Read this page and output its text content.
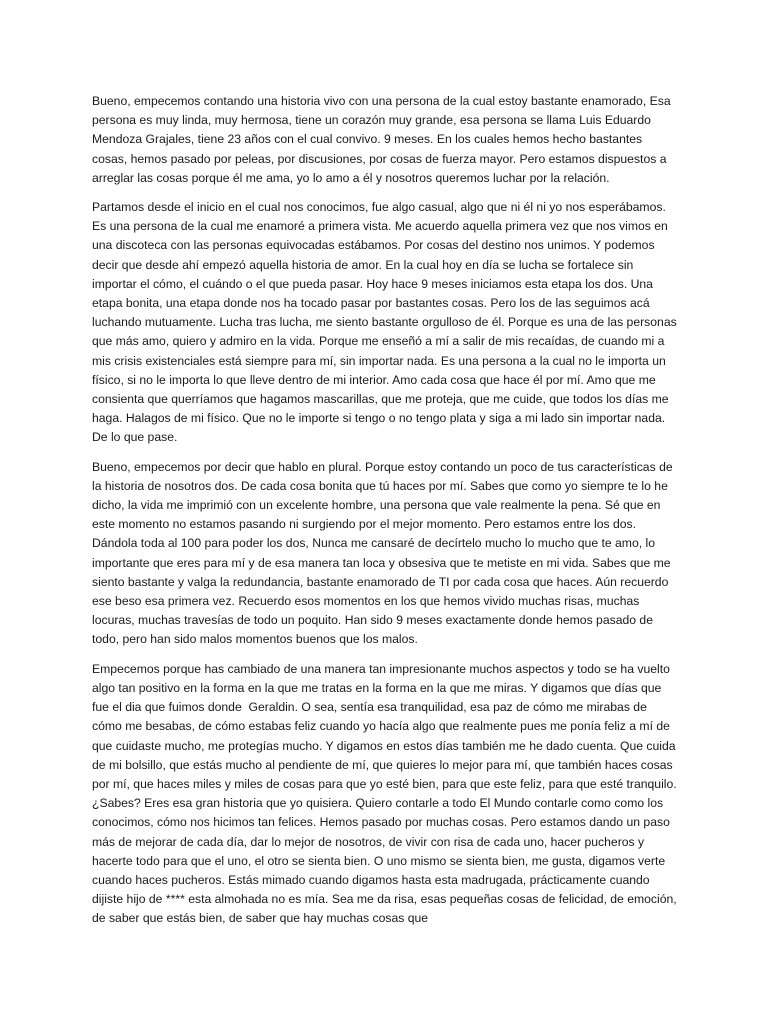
Bueno, empecemos contando una historia vivo con una persona de la cual estoy bastante enamorado, Esa persona es muy linda, muy hermosa, tiene un corazón muy grande, esa persona se llama Luis Eduardo Mendoza Grajales, tiene 23 años con el cual convivo. 9 meses. En los cuales hemos hecho bastantes cosas, hemos pasado por peleas, por discusiones, por cosas de fuerza mayor. Pero estamos dispuestos a arreglar las cosas porque él me ama, yo lo amo a él y nosotros queremos luchar por la relación.

Partamos desde el inicio en el cual nos conocimos, fue algo casual, algo que ni él ni yo nos esperábamos. Es una persona de la cual me enamoré a primera vista. Me acuerdo aquella primera vez que nos vimos en una discoteca con las personas equivocadas estábamos. Por cosas del destino nos unimos. Y podemos decir que desde ahí empezó aquella historia de amor. En la cual hoy en día se lucha se fortalece sin importar el cómo, el cuándo o el que pueda pasar. Hoy hace 9 meses iniciamos esta etapa los dos. Una etapa bonita, una etapa donde nos ha tocado pasar por bastantes cosas. Pero los de las seguimos acá luchando mutuamente. Lucha tras lucha, me siento bastante orgulloso de él. Porque es una de las personas que más amo, quiero y admiro en la vida. Porque me enseñó a mí a salir de mis recaídas, de cuando mi a mis crisis existenciales está siempre para mí, sin importar nada. Es una persona a la cual no le importa un físico, si no le importa lo que lleve dentro de mi interior. Amo cada cosa que hace él por mí. Amo que me consienta que querríamos que hagamos mascarillas, que me proteja, que me cuide, que todos los días me haga. Halagos de mi físico. Que no le importe si tengo o no tengo plata y siga a mi lado sin importar nada. De lo que pase.

Bueno, empecemos por decir que hablo en plural. Porque estoy contando un poco de tus características de la historia de nosotros dos. De cada cosa bonita que tú haces por mí. Sabes que como yo siempre te lo he dicho, la vida me imprimió con un excelente hombre, una persona que vale realmente la pena. Sé que en este momento no estamos pasando ni surgiendo por el mejor momento. Pero estamos entre los dos. Dándola toda al 100 para poder los dos, Nunca me cansaré de decírtelo mucho lo mucho que te amo, lo importante que eres para mí y de esa manera tan loca y obsesiva que te metiste en mi vida. Sabes que me siento bastante y valga la redundancia, bastante enamorado de TI por cada cosa que haces. Aún recuerdo ese beso esa primera vez. Recuerdo esos momentos en los que hemos vivido muchas risas, muchas locuras, muchas travesías de todo un poquito. Han sido 9 meses exactamente donde hemos pasado de todo, pero han sido malos momentos buenos que los malos.

Empecemos porque has cambiado de una manera tan impresionante muchos aspectos y todo se ha vuelto algo tan positivo en la forma en la que me tratas en la forma en la que me miras. Y digamos que días que fue el dia que fuimos donde  Geraldin. O sea, sentía esa tranquilidad, esa paz de cómo me mirabas de cómo me besabas, de cómo estabas feliz cuando yo hacía algo que realmente pues me ponía feliz a mí de que cuidaste mucho, me protegías mucho. Y digamos en estos días también me he dado cuenta. Que cuida de mi bolsillo, que estás mucho al pendiente de mí, que quieres lo mejor para mí, que también haces cosas por mí, que haces miles y miles de cosas para que yo esté bien, para que este feliz, para que esté tranquilo. ¿Sabes? Eres esa gran historia que yo quisiera. Quiero contarle a todo El Mundo contarle como como los conocimos, cómo nos hicimos tan felices. Hemos pasado por muchas cosas. Pero estamos dando un paso más de mejorar de cada día, dar lo mejor de nosotros, de vivir con risa de cada uno, hacer pucheros y hacerte todo para que el uno, el otro se sienta bien. O uno mismo se sienta bien, me gusta, digamos verte cuando haces pucheros. Estás mimado cuando digamos hasta esta madrugada, prácticamente cuando dijiste hijo de **** esta almohada no es mía. Sea me da risa, esas pequeñas cosas de felicidad, de emoción, de saber que estás bien, de saber que hay muchas cosas que
